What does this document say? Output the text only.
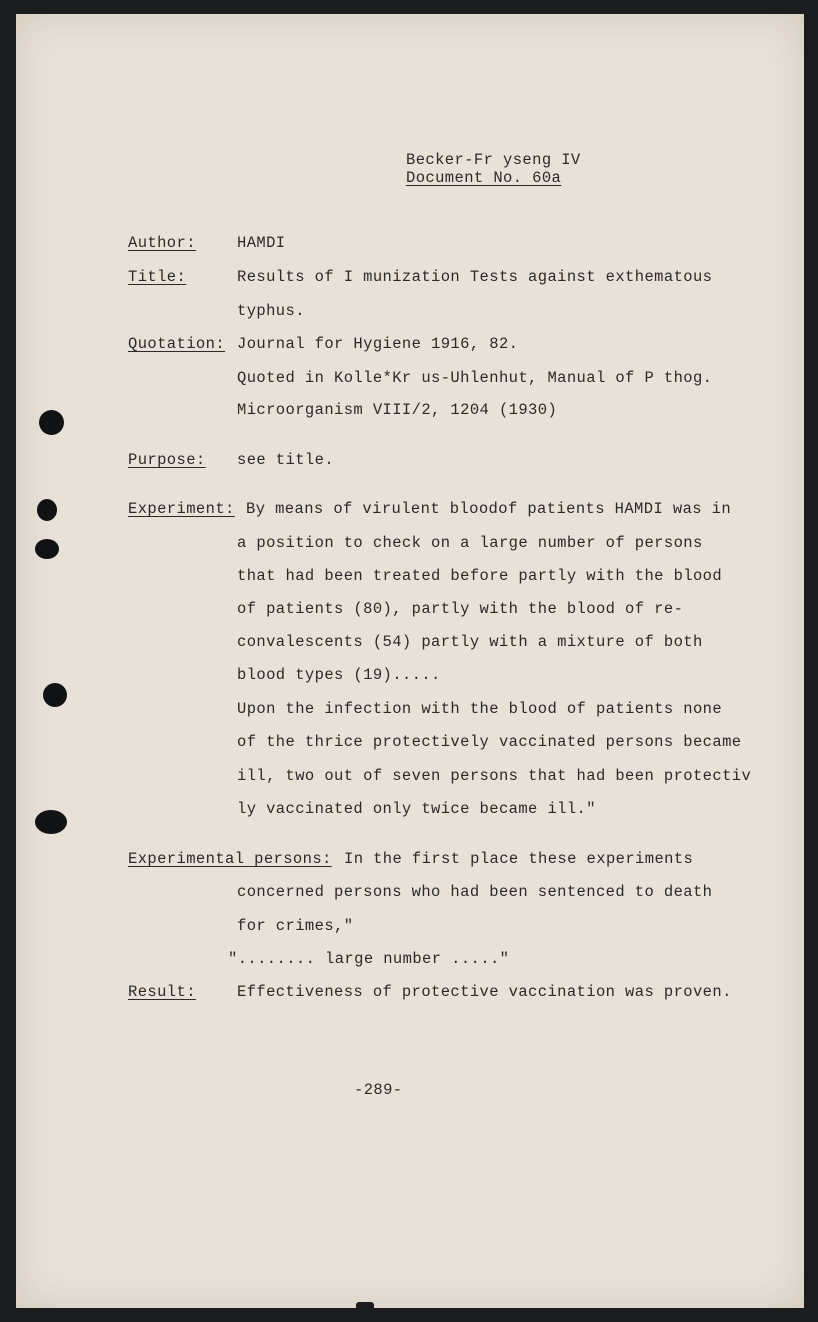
Becker-Fr yseng IV
Document No. 60a
Author:	HAMDI
Title:	Results of I munization Tests against exthematous
typhus.
Quotation: Journal for Hygiene 1916, 82.
Quoted in Kolle*Kr us-Uhlenhut, Manual of P thog.
Microorganism VIII/2, 1204 (1930)
Purpose: see title.
Experiment: By means of virulent bloodof patients HAMDI was in
a position to check on a large number of persons
that had been treated before partly with the blood
of patients (80), partly with the blood of re-
convalescents (54) partly with a mixture of both
blood types (19).....
Upon the infection with the blood of patients none
of the thrice protectively vaccinated persons became
ill, two out of seven persons that had been protectiv
ly vaccinated only twice became ill."
Experimental persons: In the first place these experiments
concerned persons who had been sentenced to death
for crimes,"
"........ large number ....."
Result:	Effectiveness of protective vaccination was proven.
-289-
